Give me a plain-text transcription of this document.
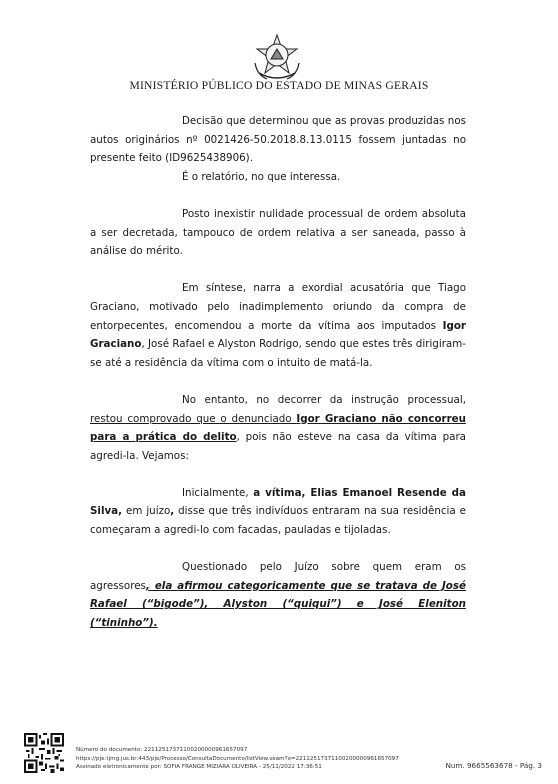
MINISTÉRIO PÚBLICO DO ESTADO DE MINAS GERAIS

Decisão que determinou que as provas produzidas nos autos originários nº 0021426-50.2018.8.13.0115 fossem juntadas no presente feito (ID9625438906).

É o relatório, no que interessa.

Posto inexistir nulidade processual de ordem absoluta a ser decretada, tampouco de ordem relativa a ser saneada, passo à análise do mérito.

Em síntese, narra a exordial acusatória que Tiago Graciano, motivado pelo inadimplemento oriundo da compra de entorpecentes, encomendou a morte da vítima aos imputados Igor Graciano, José Rafael e Alyston Rodrigo, sendo que estes três dirigiram-se até a residência da vítima com o intuito de matá-la.

No entanto, no decorrer da instrução processual, restou comprovado que o denunciado Igor Graciano não concorreu para a prática do delito, pois não esteve na casa da vítima para agredi-la. Vejamos:

Inicialmente, a vítima, Elias Emanoel Resende da Silva, em juízo, disse que três indivíduos entraram na sua residência e começaram a agredi-lo com facadas, pauladas e tijoladas.

Questionado pelo Juízo sobre quem eram os agressores, ela afirmou categoricamente que se tratava de José Rafael (“bigode”), Alyston (“quiqui”) e José Eleniton (“tininho”).

Número do documento: 22112517371100200000961657097
https://pje.tjmg.jus.br:443/pje/Processo/ConsultaDocumento/listView.seam?x=22112517371100200000961657097
Assinado eletronicamente por: SOFIA FRANGE MIZIARA OLIVEIRA - 25/11/2022 17:36:51	Num. 9665563678 - Pág. 3
